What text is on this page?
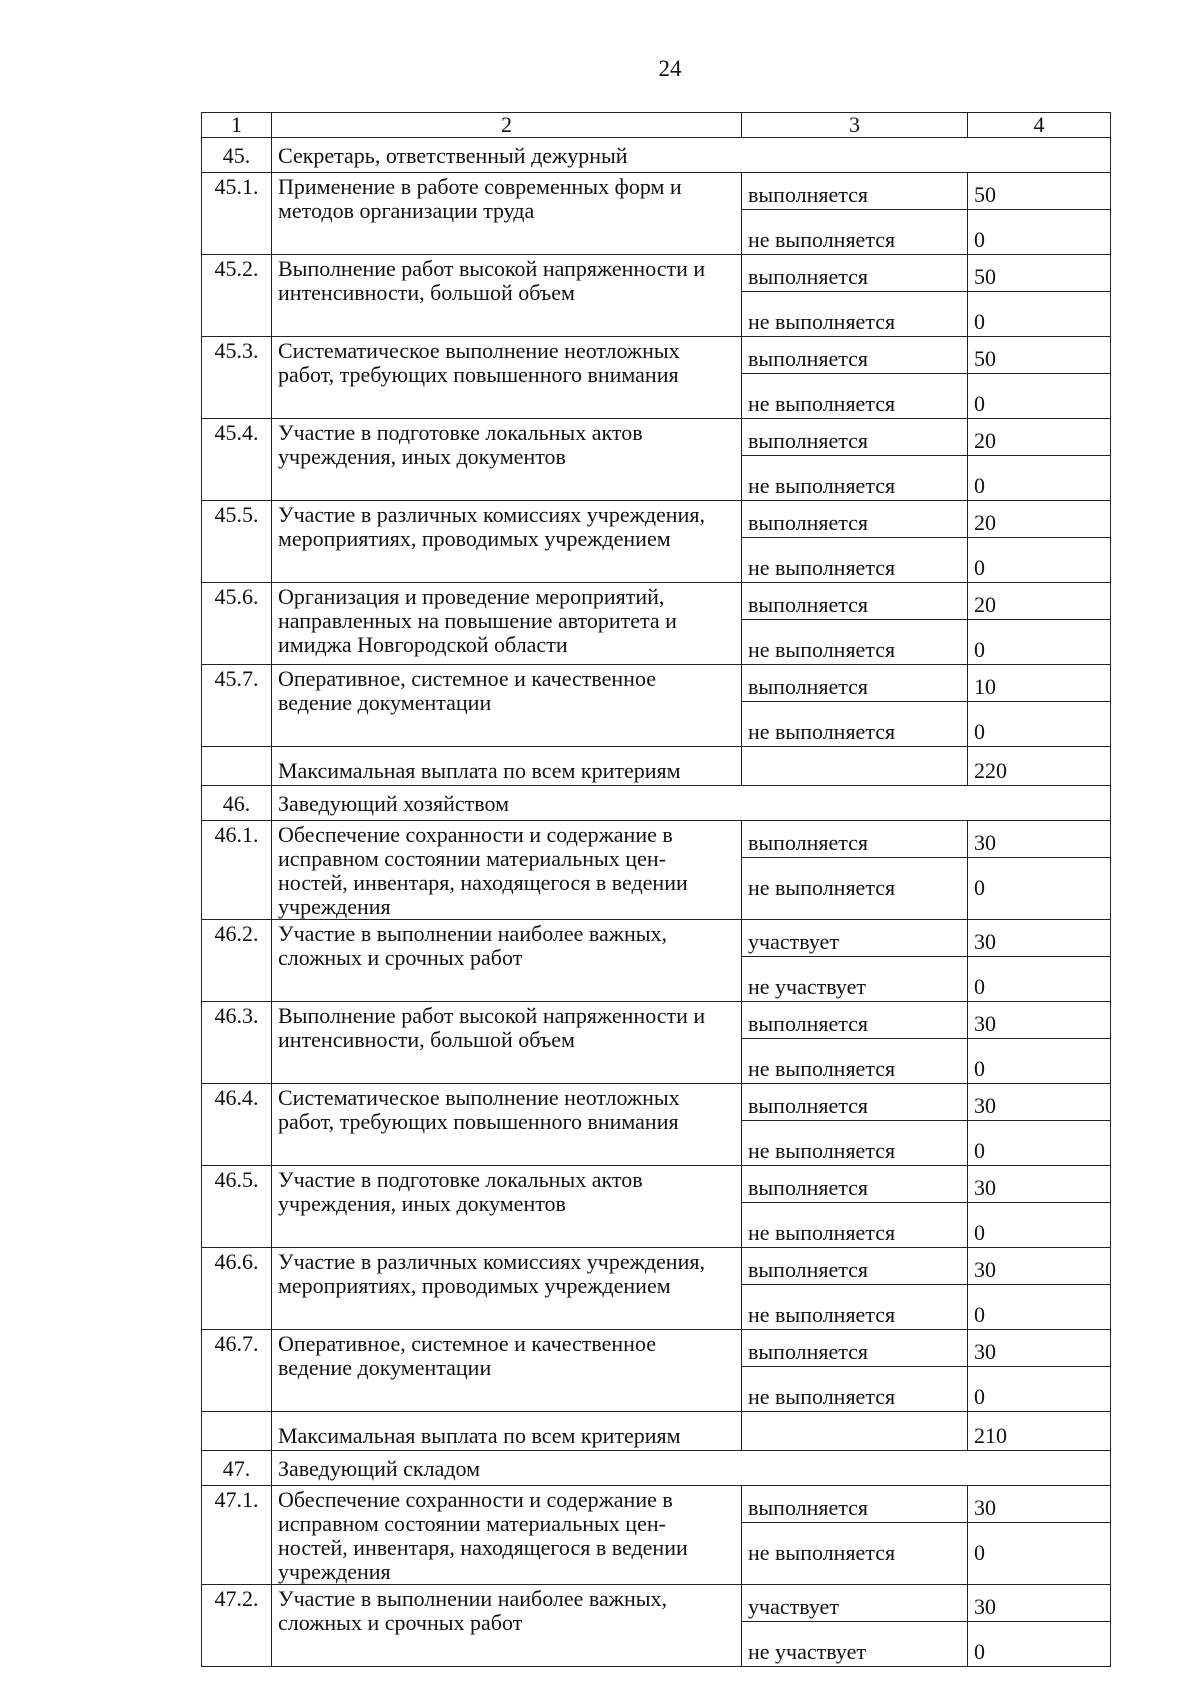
24
1	2	3	4
45.	Секретарь, ответственный дежурный		
45.1.	Применение в работе современных форм и методов организации труда	выполняется	50
		не выполняется	0
45.2.	Выполнение работ высокой напряженности и интенсивности, большой объем	выполняется	50
		не выполняется	0
45.3.	Систематическое выполнение неотложных работ, требующих повышенного внимания	выполняется	50
		не выполняется	0
45.4.	Участие в подготовке локальных актов учреждения, иных документов	выполняется	20
		не выполняется	0
45.5.	Участие в различных комиссиях учреждения, мероприятиях, проводимых учреждением	выполняется	20
		не выполняется	0
45.6.	Организация и проведение мероприятий, направленных на повышение авторитета и имиджа Новгородской области	выполняется	20
		не выполняется	0
45.7.	Оперативное, системное и качественное ведение документации	выполняется	10
		не выполняется	0
	Максимальная выплата по всем критериям		220
46.	Заведующий хозяйством		
46.1.	Обеспечение сохранности и содержание в исправном состоянии материальных цен-ностей, инвентаря, находящегося в ведении учреждения	выполняется	30
		не выполняется	0
46.2.	Участие в выполнении наиболее важных, сложных и срочных работ	участвует	30
		не участвует	0
46.3.	Выполнение работ высокой напряженности и интенсивности, большой объем	выполняется	30
		не выполняется	0
46.4.	Систематическое выполнение неотложных работ, требующих повышенного внимания	выполняется	30
		не выполняется	0
46.5.	Участие в подготовке локальных актов учреждения, иных документов	выполняется	30
		не выполняется	0
46.6.	Участие в различных комиссиях учреждения, мероприятиях, проводимых учреждением	выполняется	30
		не выполняется	0
46.7.	Оперативное, системное и качественное ведение документации	выполняется	30
		не выполняется	0
	Максимальная выплата по всем критериям		210
47.	Заведующий складом		
47.1.	Обеспечение сохранности и содержание в исправном состоянии материальных цен-ностей, инвентаря, находящегося в ведении учреждения	выполняется	30
		не выполняется	0
47.2.	Участие в выполнении наиболее важных, сложных и срочных работ	участвует	30
		не участвует	0
